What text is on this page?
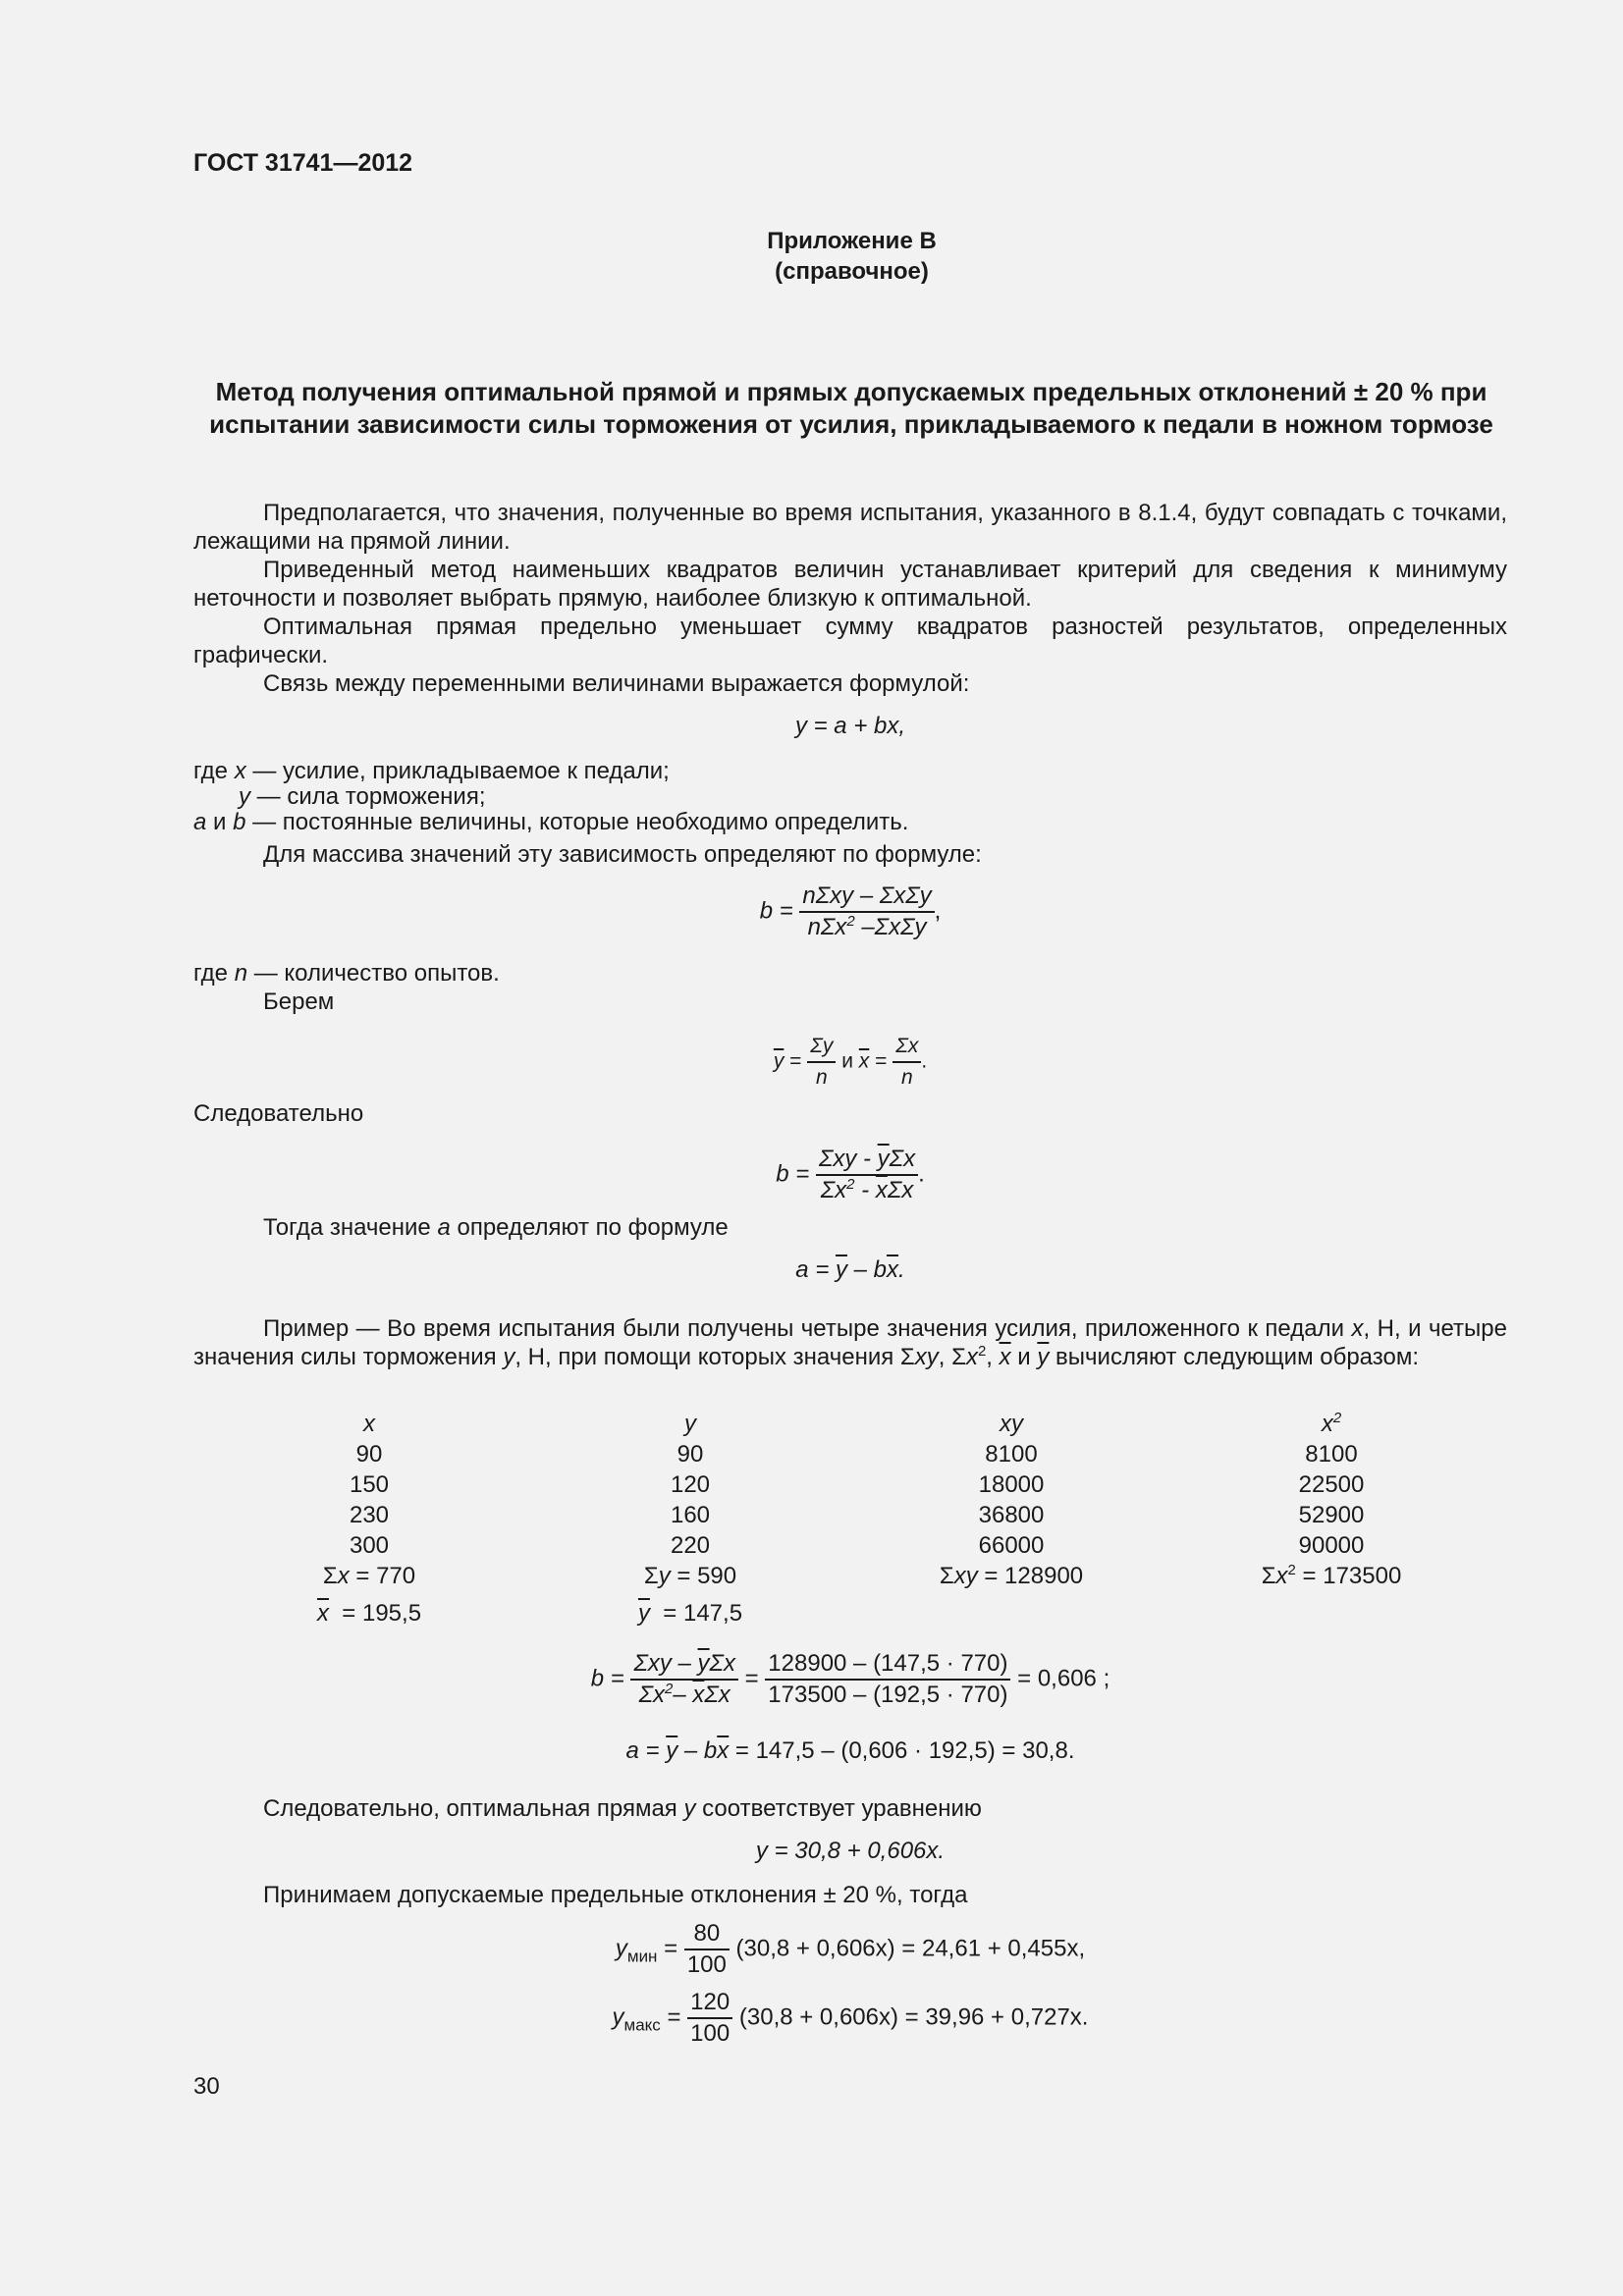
ГОСТ 31741—2012
Приложение В
(справочное)
Метод получения оптимальной прямой и прямых допускаемых предельных отклонений ± 20 % при испытании зависимости силы торможения от усилия, прикладываемого к педали в ножном тормозе
Предполагается, что значения, полученные во время испытания, указанного в 8.1.4, будут совпадать с точками, лежащими на прямой линии.
Приведенный метод наименьших квадратов величин устанавливает критерий для сведения к минимуму неточности и позволяет выбрать прямую, наиболее близкую к оптимальной.
Оптимальная прямая предельно уменьшает сумму квадратов разностей результатов, определенных графически.
Связь между переменными величинами выражается формулой:
y = a + bx,
где x — усилие, прикладываемое к педали;
y — сила торможения;
a и b — постоянные величины, которые необходимо определить.
Для массива значений эту зависимость определяют по формуле:
$b = \frac{\text{nΣxy – ΣxΣy}}{n\Sigma x^2 -\Sigma x\Sigma y}$ ,
где n — количество опытов.
Берем
$\overline{y} = \frac{\Sigma y}{n}$ и $\overline{x} = \frac{\Sigma x}{n}$ .
Следовательно
$b = \frac{\Sigma xy - \overline{y}\Sigma x}{\Sigma x^2 - \overline{x}\Sigma x}$ .
Тогда значение a определяют по формуле
$a = \overline{y} - b\overline{x}$.
Пример — Во время испытания были получены четыре значения усилия, приложенного к педали x, Н, и четыре значения силы торможения y, Н, при помощи которых значения Σxy, $\Sigma x^2$, $\overline{x}$ и $\overline{y}$ вычисляют следующим образом:
x	y	xy	$x^2$
90	90	8100	8100
150	120	18000	22500
230	160	36800	52900
300	220	66000	90000
Σx = 770	Σy = 590	Σxy = 128900	$\Sigma x^2 = 173500$
$\overline{x} = 195,5$	$\overline{y} = 147,5$
$b = \frac{\Sigma xy - \overline{y}\Sigma x}{\Sigma x^2- \overline{x}\Sigma x} = \frac{128900 - (147,5 \cdot 770)}{173500 - (192,5 \cdot 770)} = 0,606$ ;
$a = \overline{y} - b\overline{x} = 147,5 - (0,606 \cdot 192,5) = 30,8$.
Следовательно, оптимальная прямая y соответствует уравнению
y = 30,8 + 0,606x.
Принимаем допускаемые предельные отклонения ± 20 %, тогда
$y_{мин} = \frac{80}{100} (30,8 + 0,606x) = 24,61 + 0,455x$,
$y_{макс} = \frac{120}{100} (30,8 + 0,606x) = 39,96 + 0,727x$.
30
